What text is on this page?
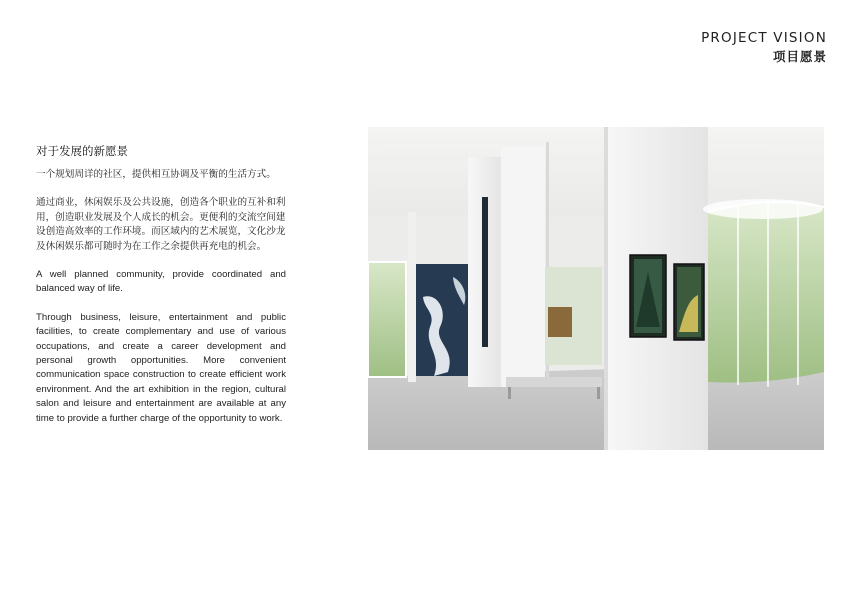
PROJECT VISION
项目愿景
对于发展的新愿景
一个规划周详的社区，提供相互协调及平衡的生活方式。
通过商业，休闲娱乐及公共设施，创造各个职业的互补和利用，创造职业发展及个人成长的机会。更便利的交流空间建设创造高效率的工作环境。而区域内的艺术展览，文化沙龙及休闲娱乐都可随时为在工作之余提供再充电的机会。
A well planned community, provide coordinated and balanced way of life.
Through business, leisure, entertainment and public facilities, to create complementary and use of various occupations, and create a career development and personal growth opportunities. More convenient communication space construction to create efficient work environment. And the art exhibition in the region, cultural salon and leisure and entertainment are available at any time to provide a further charge of the opportunity to work.
